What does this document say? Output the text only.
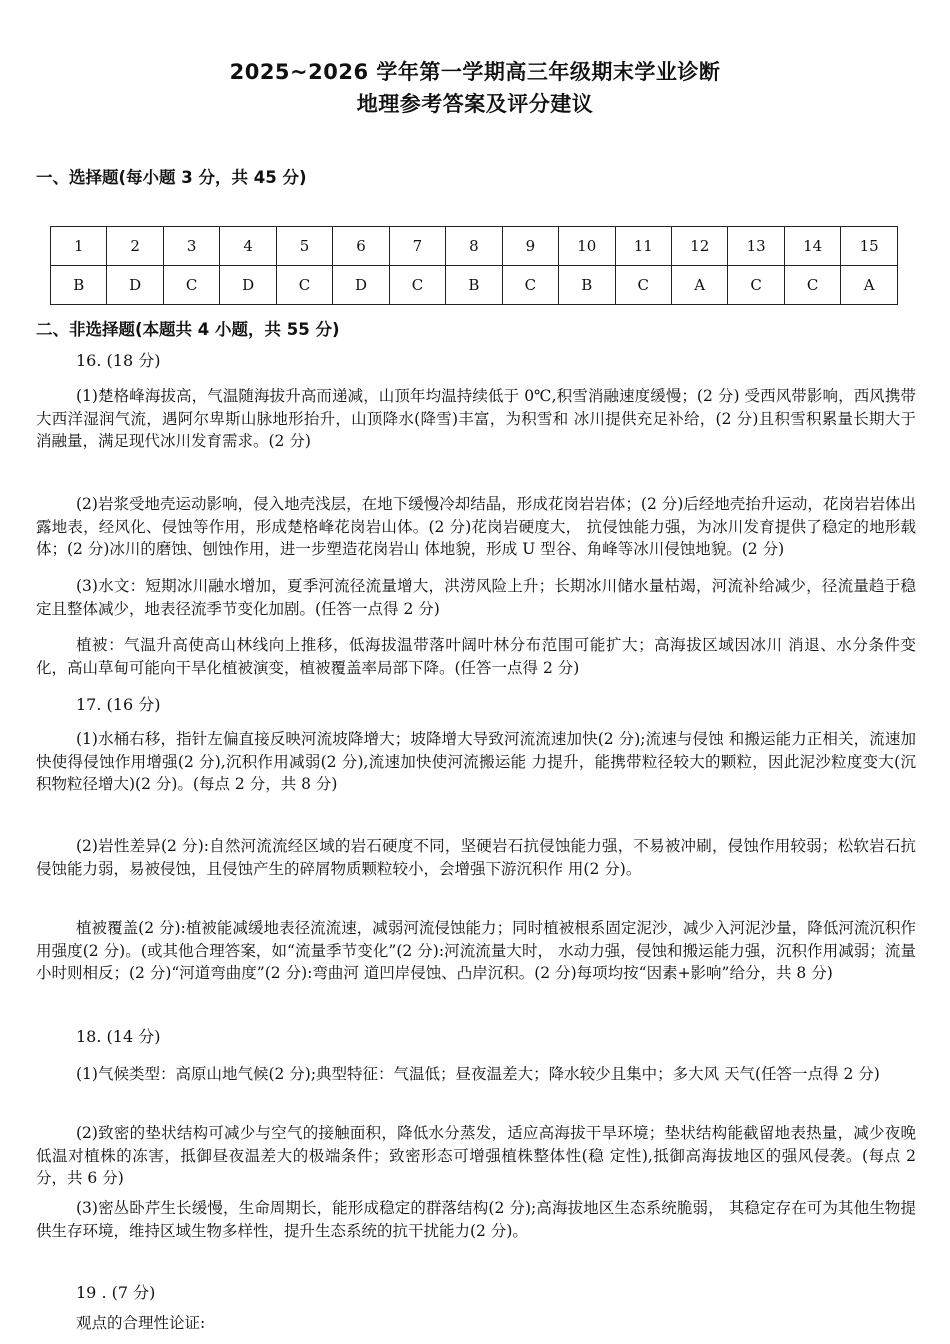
2025~2026 学年第一学期高三年级期末学业诊断
地理参考答案及评分建议
一、选择题(每小题 3 分，共 45 分)
1	2	3	4	5	6	7	8	9	10	11	12	13	14	15
B	D	C	D	C	D	C	B	C	B	C	A	C	C	A
二、非选择题(本题共 4 小题，共 55 分)
16. (18 分)
(1)楚格峰海拔高，气温随海拔升高而递减，山顶年均温持续低于 0℃,积雪消融速度缓慢；(2 分) 受西风带影响，西风携带大西洋湿润气流，遇阿尔卑斯山脉地形抬升，山顶降水(降雪)丰富，为积雪和 冰川提供充足补给，(2 分)且积雪积累量长期大于消融量，满足现代冰川发育需求。(2 分)
(2)岩浆受地壳运动影响，侵入地壳浅层，在地下缓慢冷却结晶，形成花岗岩岩体；(2 分)后经地壳抬升运动，花岗岩岩体出露地表，经风化、侵蚀等作用，形成楚格峰花岗岩山体。(2 分)花岗岩硬度大， 抗侵蚀能力强，为冰川发育提供了稳定的地形载体；(2 分)冰川的磨蚀、刨蚀作用，进一步塑造花岗岩山 体地貌，形成 U 型谷、角峰等冰川侵蚀地貌。(2 分)
(3)水文：短期冰川融水增加，夏季河流径流量增大，洪涝风险上升；长期冰川储水量枯竭，河流补给减少，径流量趋于稳定且整体减少，地表径流季节变化加剧。(任答一点得 2 分)
植被：气温升高使高山林线向上推移，低海拔温带落叶阔叶林分布范围可能扩大；高海拔区域因冰川 消退、水分条件变化，高山草甸可能向干旱化植被演变，植被覆盖率局部下降。(任答一点得 2 分)
17. (16 分)
(1)水桶右移，指针左偏直接反映河流坡降增大；坡降增大导致河流流速加快(2 分);流速与侵蚀 和搬运能力正相关，流速加快使得侵蚀作用增强(2 分),沉积作用减弱(2 分),流速加快使河流搬运能 力提升，能携带粒径较大的颗粒，因此泥沙粒度变大(沉积物粒径增大)(2 分)。(每点 2 分，共 8 分)
(2)岩性差异(2 分):自然河流流经区域的岩石硬度不同，坚硬岩石抗侵蚀能力强，不易被冲刷，侵蚀作用较弱；松软岩石抗侵蚀能力弱，易被侵蚀，且侵蚀产生的碎屑物质颗粒较小，会增强下游沉积作 用(2 分)。
植被覆盖(2 分):植被能减缓地表径流流速，减弱河流侵蚀能力；同时植被根系固定泥沙，减少入河泥沙量，降低河流沉积作用强度(2 分)。(或其他合理答案，如“流量季节变化”(2 分):河流流量大时， 水动力强，侵蚀和搬运能力强，沉积作用减弱；流量小时则相反；(2 分)“河道弯曲度”(2 分):弯曲河 道凹岸侵蚀、凸岸沉积。(2 分)每项均按“因素+影响”给分，共 8 分)
18. (14 分)
(1)气候类型：高原山地气候(2 分);典型特征：气温低；昼夜温差大；降水较少且集中；多大风 天气(任答一点得 2 分)
(2)致密的垫状结构可减少与空气的接触面积，降低水分蒸发，适应高海拔干旱环境；垫状结构能截留地表热量，减少夜晚低温对植株的冻害，抵御昼夜温差大的极端条件；致密形态可增强植株整体性(稳 定性),抵御高海拔地区的强风侵袭。(每点 2 分，共 6 分)
(3)密丛卧芹生长缓慢，生命周期长，能形成稳定的群落结构(2 分);高海拔地区生态系统脆弱， 其稳定存在可为其他生物提供生存环境，维持区域生物多样性，提升生态系统的抗干扰能力(2 分)。
19 . (7 分)
观点的合理性论证:
